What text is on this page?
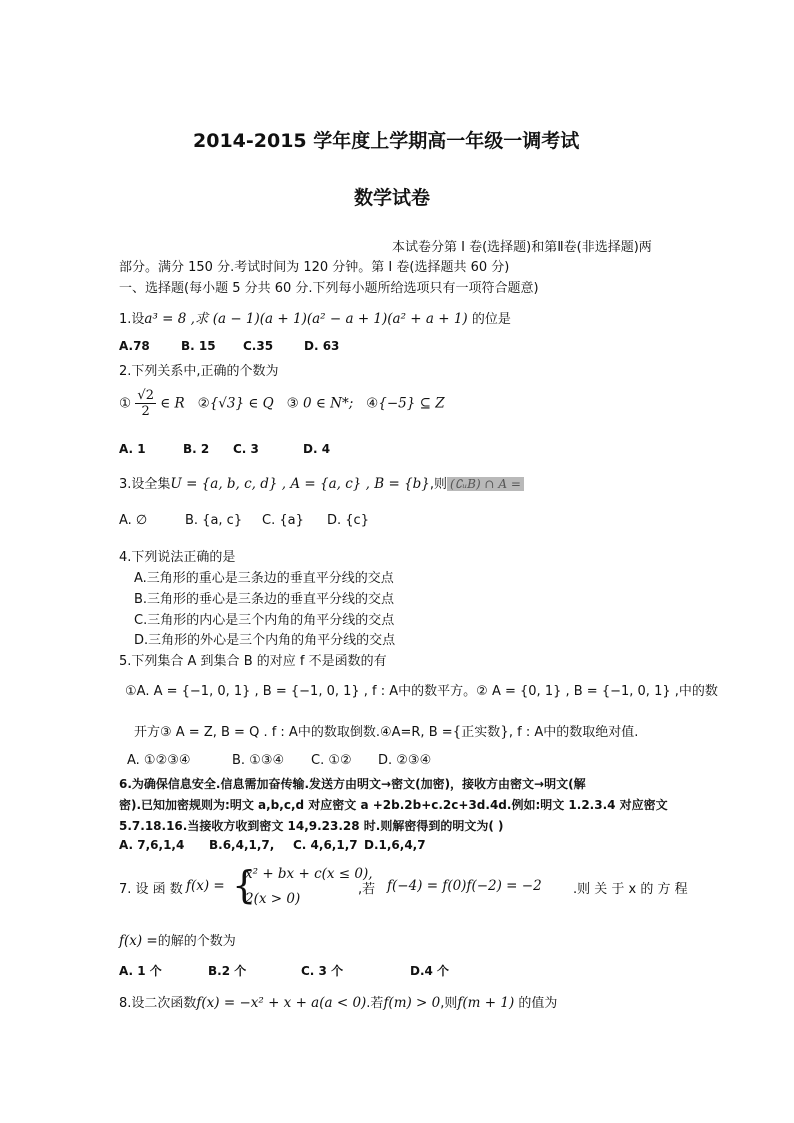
2014-2015 学年度上学期高一年级一调考试
数学试卷
本试卷分第 I 卷(选择题)和第Ⅱ卷(非选择题)两
部分。满分 150 分.考试时间为 120 分钟。第 I 卷(选择题共 60 分)
一、选择题(每小题 5 分共 60 分.下列每小题所给选项只有一项符合题意)
1.设a³ = 8 ,求 (a − 1)(a + 1)(a² − a + 1)(a² + a + 1) 的位是
A.78	B. 15 C.35	D. 63
2.下列关系中,正确的个数为
① $\frac{√2}{2}$ ∈ R ②{√3} ∈ Q ③ 0 ∈ N*; ④{−5} ⊆ Z
A. 1	B. 2 C. 3	D. 4
3.设全集U = {a, b, c, d} , A = {a, c} , B = {b},则 (∁ᵤB) ∩ A =
A. ∅	B. {a, c} C. {a} D. {c}
4.下列说法正确的是
A.三角形的重心是三条边的垂直平分线的交点
B.三角形的垂心是三条边的垂直平分线的交点
C.三角形的内心是三个内角的角平分线的交点
D.三角形的外心是三个内角的角平分线的交点
5.下列集合 A 到集合 B 的对应 f 不是函数的有
①A. A = {−1, 0, 1} , B = {−1, 0, 1} , f : A中的数平方。② A = {0, 1} , B = {−1, 0, 1} ,中的数
开方③ A = Z, B = Q . f : A中的数取倒数.④A=R, B ={正实数}, f : A中的数取绝对值.
A. ①②③④	B. ①③④ C. ①② D. ②③④
6.为确保信息安全.信息需加奋传输.发送方由明文→密文(加密)，接收方由密文→明文(解
密).已知加密规则为:明文 a,b,c,d 对应密文 a +2b.2b+c.2c+3d.4d.例如:明文 1.2.3.4 对应密文
5.7.18.16.当接收方收到密文 14,9.23.28 时.则解密得到的明文为( )
A. 7,6,1,4 B.6,4,1,7, C. 4,6,1,7 D.1,6,4,7
7. 设 函 数 f(x) = {
x² + bx + c(x ≤ 0),
2(x > 0)
,若 f(−4) = f(0)f(−2) = −2 .则 关 于 x 的 方 程
f(x) =的解的个数为
A. 1 个	B.2 个	C. 3 个	D.4 个
8.设二次函数f(x) = −x² + x + a(a < 0).若f(m) > 0,则f(m + 1) 的值为
